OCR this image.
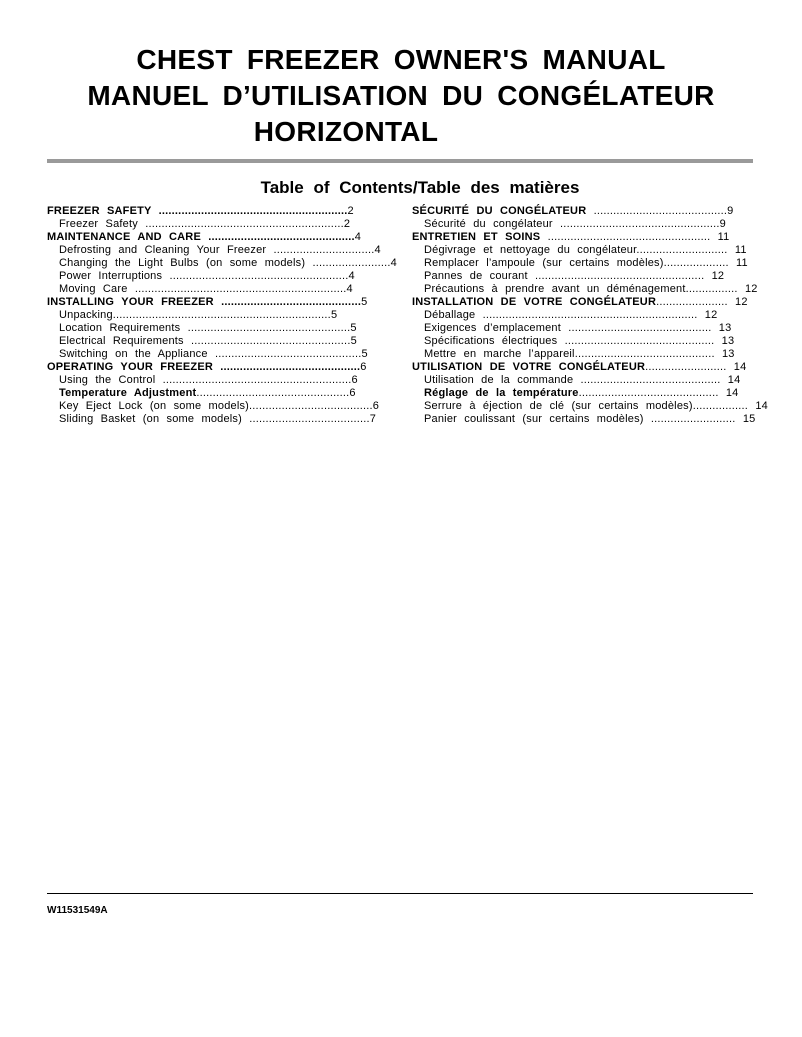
CHEST FREEZER OWNER'S MANUAL
MANUEL D’UTILISATION DU CONGÉLATEUR

HORIZONTAL
Table of Contents/Table des matières
FREEZER SAFETY ..........................................................2
Freezer Safety .............................................................2
MAINTENANCE AND CARE .............................................4
Defrosting and Cleaning Your Freezer ...............................4
Changing the Light Bulbs (on some models) ........................4
Power Interruptions .......................................................4
Moving Care .................................................................4
INSTALLING YOUR FREEZER ...........................................5
Unpacking...................................................................5
Location Requirements ..................................................5
Electrical Requirements .................................................5
Switching on the Appliance .............................................5
OPERATING YOUR FREEZER ...........................................6
Using the Control ..........................................................6
Temperature Adjustment...............................................6
Key Eject Lock (on some models)......................................6
Sliding Basket (on some models) .....................................7
SÉCURITÉ DU CONGÉLATEUR .........................................9
Sécurité du congélateur .................................................9
ENTRETIEN ET SOINS .................................................. 11
Dégivrage et nettoyage du congélateur............................ 11
Remplacer l’ampoule (sur certains modèles).................... 11
Pannes de courant .................................................... 12
Précautions à prendre avant un déménagement................ 12
INSTALLATION DE VOTRE CONGÉLATEUR...................... 12
Déballage .................................................................. 12
Exigences d’emplacement ............................................ 13
Spécifications électriques .............................................. 13
Mettre en marche l’appareil........................................... 13
UTILISATION DE VOTRE CONGÉLATEUR......................... 14
Utilisation de la commande ........................................... 14
Réglage de la température........................................... 14
Serrure à éjection de clé (sur certains modèles)................. 14
Panier coulissant (sur certains modèles) .......................... 15
W11531549A
